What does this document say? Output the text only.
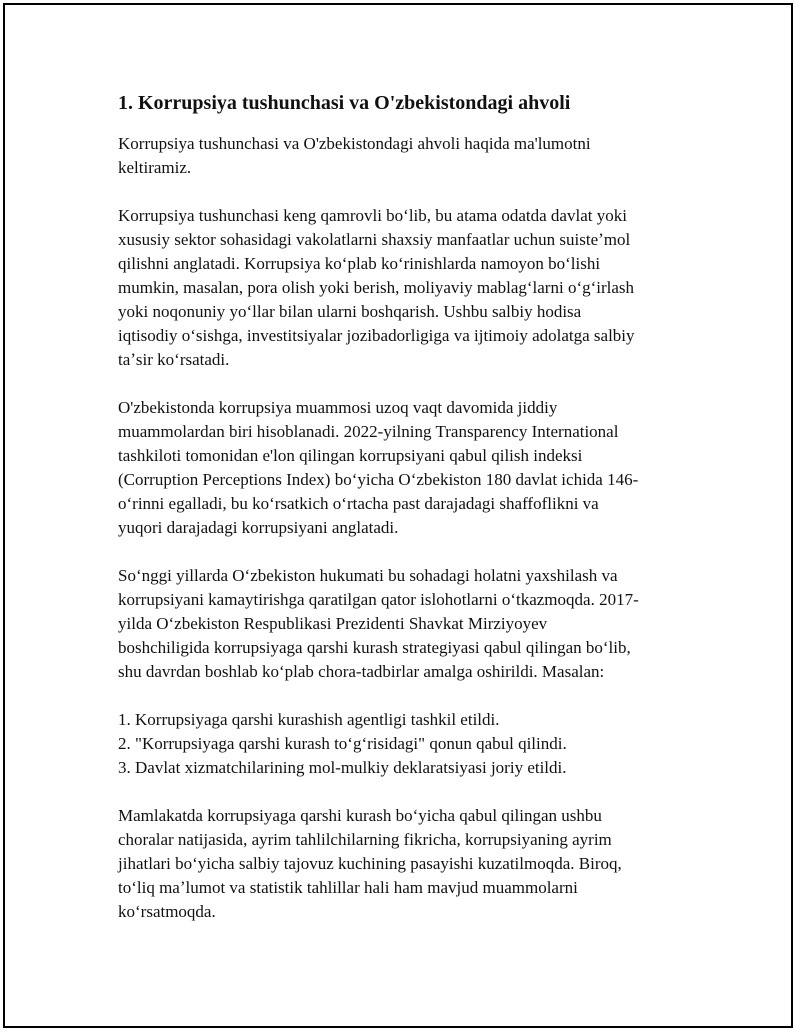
1. Korrupsiya tushunchasi va O'zbekistondagi ahvoli

Korrupsiya tushunchasi va O'zbekistondagi ahvoli haqida ma'lumotni
keltiramiz.

Korrupsiya tushunchasi keng qamrovli boʻlib, bu atama odatda davlat yoki
xususiy sektor sohasidagi vakolatlarni shaxsiy manfaatlar uchun suisteʼmol
qilishni anglatadi. Korrupsiya koʻplab koʻrinishlarda namoyon boʻlishi
mumkin, masalan, pora olish yoki berish, moliyaviy mablagʻlarni oʻgʻirlash
yoki noqonuniy yoʻllar bilan ularni boshqarish. Ushbu salbiy hodisa
iqtisodiy oʻsishga, investitsiyalar jozibadorligiga va ijtimoiy adolatga salbiy
taʼsir koʻrsatadi.

O'zbekistonda korrupsiya muammosi uzoq vaqt davomida jiddiy
muammolardan biri hisoblanadi. 2022-yilning Transparency International
tashkiloti tomonidan e'lon qilingan korrupsiyani qabul qilish indeksi
(Corruption Perceptions Index) boʻyicha Oʻzbekiston 180 davlat ichida 146-
oʻrinni egalladi, bu koʻrsatkich oʻrtacha past darajadagi shaffoflikni va
yuqori darajadagi korrupsiyani anglatadi.

Soʻnggi yillarda Oʻzbekiston hukumati bu sohadagi holatni yaxshilash va
korrupsiyani kamaytirishga qaratilgan qator islohotlarni oʻtkazmoqda. 2017-
yilda Oʻzbekiston Respublikasi Prezidenti Shavkat Mirziyoyev
boshchiligida korrupsiyaga qarshi kurash strategiyasi qabul qilingan boʻlib,
shu davrdan boshlab koʻplab chora-tadbirlar amalga oshirildi. Masalan:

1. Korrupsiyaga qarshi kurashish agentligi tashkil etildi.
2. "Korrupsiyaga qarshi kurash toʻgʻrisidagi" qonun qabul qilindi.
3. Davlat xizmatchilarining mol-mulkiy deklaratsiyasi joriy etildi.

Mamlakatda korrupsiyaga qarshi kurash boʻyicha qabul qilingan ushbu
choralar natijasida, ayrim tahlilchilarning fikricha, korrupsiyaning ayrim
jihatlari boʻyicha salbiy tajovuz kuchining pasayishi kuzatilmoqda. Biroq,
toʻliq maʼlumot va statistik tahlillar hali ham mavjud muammolarni
koʻrsatmoqda.
